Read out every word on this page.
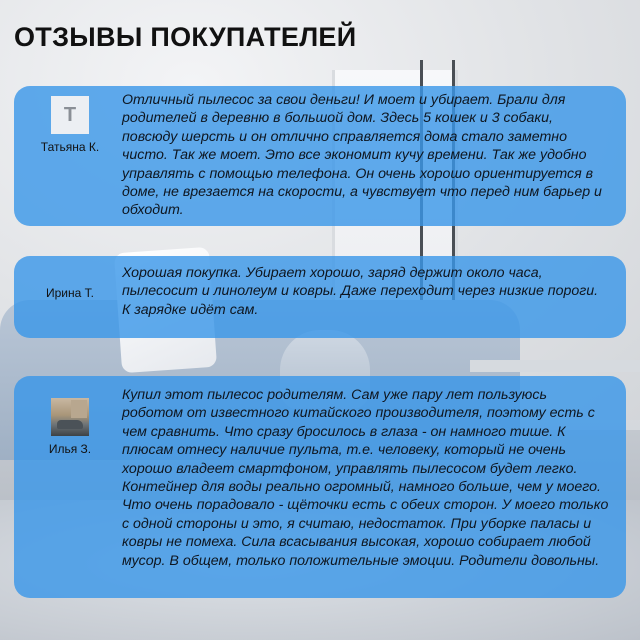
ОТЗЫВЫ ПОКУПАТЕЛЕЙ
T
Татьяна К.
Отличный пылесос за свои деньги! И моет и убирает. Брали для родителей в деревню в большой дом. Здесь 5 кошек и 3 собаки, повсюду шерсть и он отлично справляется дома стало заметно чисто. Так же моет. Это все экономит кучу времени. Так же удобно управлять с помощью телефона. Он очень хорошо ориентируется в доме, не врезается на скорости, а чувствует что перед ним барьер и обходит.
Ирина Т.
Хорошая покупка. Убирает хорошо, заряд держит около часа, пылесосит и линолеум и ковры. Даже переходит через низкие пороги. К зарядке идёт сам.
Илья З.
Купил этот пылесос родителям. Сам уже пару лет пользуюсь роботом от известного китайского производителя, поэтому есть с чем сравнить. Что сразу бросилось в глаза - он намного тише. К плюсам отнесу наличие пульта, т.е. человеку, который не очень хорошо владеет смартфоном, управлять пылесосом будет легко. Контейнер для воды реально огромный, намного больше, чем у моего. Что очень порадовало - щёточки есть с обеих сторон. У моего только с одной стороны и это, я считаю, недостаток. При уборке паласы и ковры не помеха. Сила всасывания высокая, хорошо собирает любой мусор. В общем, только положительные эмоции. Родители довольны.
